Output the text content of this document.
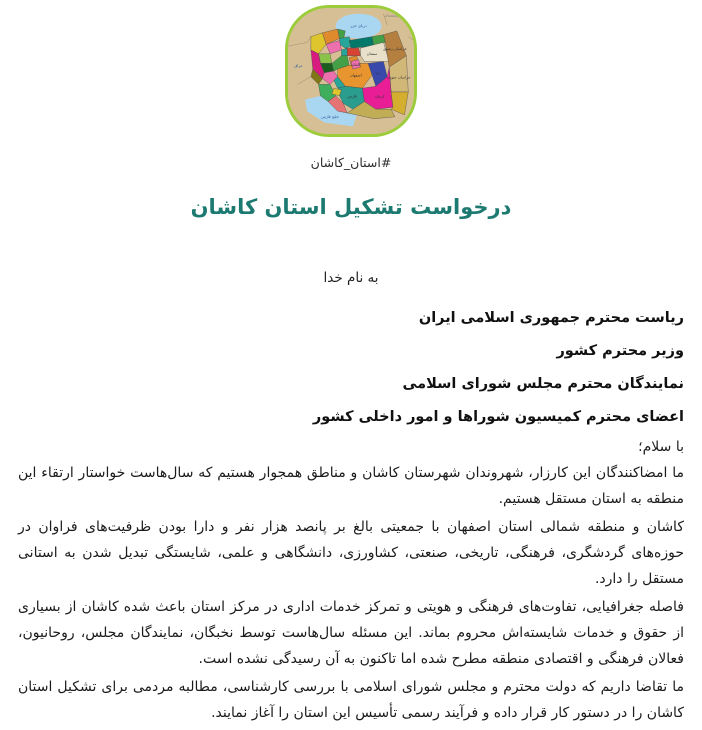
دریای خزر
ترکمنستان
عراق
سمنان
خراسان رضوی
خراسان جنوبی
کاشان
اصفهان
یزد
کرمان
فارس
خلیج فارس
#استان_کاشان
درخواست تشکیل استان کاشان
به نام خدا
ریاست محترم جمهوری اسلامی ایران
وزیر محترم کشور
نمایندگان محترم مجلس شورای اسلامی
اعضای محترم کمیسیون شوراها و امور داخلی کشور
با سلام؛

ما امضاکنندگان این کارزار، شهروندان شهرستان کاشان و مناطق همجوار هستیم که سال‌هاست خواستار ارتقاء این منطقه به استان مستقل هستیم.

کاشان و منطقه شمالی استان اصفهان با جمعیتی بالغ بر پانصد هزار نفر و دارا بودن ظرفیت‌های فراوان در حوزه‌های گردشگری، فرهنگی، تاریخی، صنعتی، کشاورزی، دانشگاهی و علمی، شایستگی تبدیل شدن به استانی مستقل را دارد.

فاصله جغرافیایی، تفاوت‌های فرهنگی و هویتی و تمرکز خدمات اداری در مرکز استان باعث شده کاشان از بسیاری از حقوق و خدمات شایسته‌اش محروم بماند. این مسئله سال‌هاست توسط نخبگان، نمایندگان مجلس، روحانیون، فعالان فرهنگی و اقتصادی منطقه مطرح شده اما تاکنون به آن رسیدگی نشده است.

ما تقاضا داریم که دولت محترم و مجلس شورای اسلامی با بررسی کارشناسی، مطالبه مردمی برای تشکیل استان کاشان را در دستور کار قرار داده و فرآیند رسمی تأسیس این استان را آغاز نمایند.
